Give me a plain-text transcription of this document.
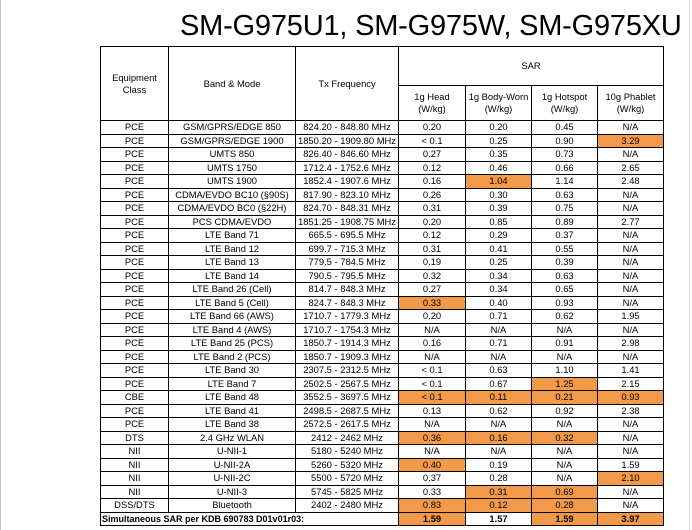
SM-G975U1, SM-G975W, SM-G975XU
Equipment Class	Band & Mode	Tx Frequency	SAR			
			1g Head (W/kg)	1g Body-Worn (W/kg)	1g Hotspot (W/kg)	10g Phablet (W/kg)
PCE	GSM/GPRS/EDGE 850	824.20 - 848.80 MHz	0.20	0.20	0.45	N/A
PCE	GSM/GPRS/EDGE 1900	1850.20 - 1909.80 MHz	< 0.1	0.25	0.90	3.29
PCE	UMTS 850	826.40 - 846.60 MHz	0.27	0.35	0.73	N/A
PCE	UMTS 1750	1712.4 - 1752.6 MHz	0.12	0.46	0.66	2.65
PCE	UMTS 1900	1852.4 - 1907.6 MHz	0.16	1.04	1.14	2.48
PCE	CDMA/EVDO BC10 (§90S)	817.90 - 823.10 MHz	0.26	0.30	0.63	N/A
PCE	CDMA/EVDO BC0 (§22H)	824.70 - 848.31 MHz	0.31	0.39	0.75	N/A
PCE	PCS CDMA/EVDO	1851.25 - 1908.75 MHz	0.20	0.85	0.89	2.77
PCE	LTE Band 71	665.5 - 695.5 MHz	0.12	0.29	0.37	N/A
PCE	LTE Band 12	699.7 - 715.3 MHz	0.31	0.41	0.55	N/A
PCE	LTE Band 13	779.5 - 784.5 MHz	0.19	0.25	0.39	N/A
PCE	LTE Band 14	790.5 - 795.5 MHz	0.32	0.34	0.63	N/A
PCE	LTE Band 26 (Cell)	814.7 - 848.3 MHz	0.27	0.34	0.65	N/A
PCE	LTE Band 5 (Cell)	824.7 - 848.3 MHz	0.33	0.40	0.93	N/A
PCE	LTE Band 66 (AWS)	1710.7 - 1779.3 MHz	0.20	0.71	0.62	1.95
PCE	LTE Band 4 (AWS)	1710.7 - 1754.3 MHz	N/A	N/A	N/A	N/A
PCE	LTE Band 25 (PCS)	1850.7 - 1914.3 MHz	0.16	0.71	0.91	2.98
PCE	LTE Band 2 (PCS)	1850.7 - 1909.3 MHz	N/A	N/A	N/A	N/A
PCE	LTE Band 30	2307.5 - 2312.5 MHz	< 0.1	0.63	1.10	1.41
PCE	LTE Band 7	2502.5 - 2567.5 MHz	< 0.1	0.67	1.25	2.15
CBE	LTE Band 48	3552.5 - 3697.5 MHz	< 0.1	0.11	0.21	0.93
PCE	LTE Band 41	2498.5 - 2687.5 MHz	0.13	0.62	0.92	2.38
PCE	LTE Band 38	2572.5 - 2617.5 MHz	N/A	N/A	N/A	N/A
DTS	2.4 GHz WLAN	2412 - 2462 MHz	0.36	0.16	0.32	N/A
NII	U-NII-1	5180 - 5240 MHz	N/A	N/A	N/A	N/A
NII	U-NII-2A	5260 - 5320 MHz	0.40	0.19	N/A	1.59
NII	U-NII-2C	5500 - 5720 MHz	0.37	0.28	N/A	2.10
NII	U-NII-3	5745 - 5825 MHz	0.33	0.31	0.69	N/A
DSS/DTS	Bluetooth	2402 - 2480 MHz	0.83	0.12	0.28	N/A
Simultaneous SAR per KDB 690783 D01v01r03:			1.59	1.57	1.59	3.97
